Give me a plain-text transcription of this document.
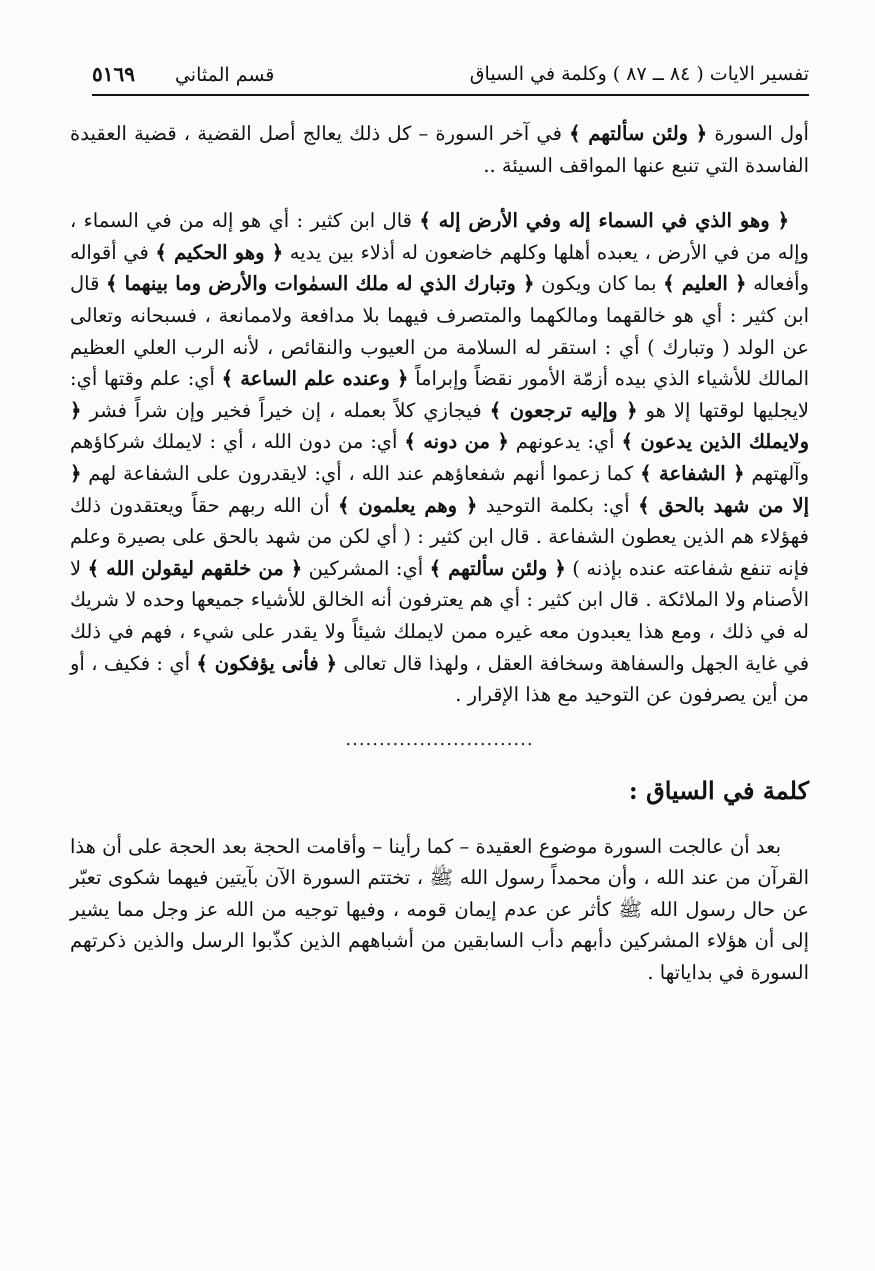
٥١٦٩ قسم المثاني	تفسير الايات ( ٨٤ ــ ٨٧ ) وكلمة في السياق

أول السورة ﴿ ولئن سألتهم ﴾ في آخر السورة – كل ذلك يعالج أصل القضية ، قضية العقيدة الفاسدة التي تنبع عنها المواقف السيئة ..

﴿ وهو الذي في السماء إله وفي الأرض إله ﴾ قال ابن كثير : أي هو إله من في السماء ، وإله من في الأرض ، يعبده أهلها وكلهم خاضعون له أذلاء بين يديه ﴿ وهو الحكيم ﴾ في أقواله وأفعاله ﴿ العليم ﴾ بما كان ويكون ﴿ وتبارك الذي له ملك السمٰوات والأرض وما بينهما ﴾ قال ابن كثير : أي هو خالقهما ومالكهما والمتصرف فيهما بلا مدافعة ولاممانعة ، فسبحانه وتعالى عن الولد ( وتبارك ) أي : استقر له السلامة من العيوب والنقائص ، لأنه الرب العلي العظيم المالك للأشياء الذي بيده أزمّة الأمور نقضاً وإبراماً ﴿ وعنده علم الساعة ﴾ أي: علم وقتها أي: لايجليها لوقتها إلا هو ﴿ وإليه ترجعون ﴾ فيجازي كلاً بعمله ، إن خيراً فخير وإن شراً فشر ﴿ ولايملك الذين يدعون ﴾ أي: يدعونهم ﴿ من دونه ﴾ أي: من دون الله ، أي : لايملك شركاؤهم وآلهتهم ﴿ الشفاعة ﴾ كما زعموا أنهم شفعاؤهم عند الله ، أي: لايقدرون على الشفاعة لهم ﴿ إلا من شهد بالحق ﴾ أي: بكلمة التوحيد ﴿ وهم يعلمون ﴾ أن الله ربهم حقاً ويعتقدون ذلك فهؤلاء هم الذين يعطون الشفاعة . قال ابن كثير : ( أي لكن من شهد بالحق على بصيرة وعلم فإنه تنفع شفاعته عنده بإذنه ) ﴿ ولئن سألتهم ﴾ أي: المشركين ﴿ من خلقهم ليقولن الله ﴾ لا الأصنام ولا الملائكة . قال ابن كثير : أي هم يعترفون أنه الخالق للأشياء جميعها وحده لا شريك له في ذلك ، ومع هذا يعبدون معه غيره ممن لايملك شيئاً ولا يقدر على شيء ، فهم في ذلك في غاية الجهل والسفاهة وسخافة العقل ، ولهذا قال تعالى ﴿ فأنى يؤفكون ﴾ أي : فكيف ، أو من أين يصرفون عن التوحيد مع هذا الإقرار .

............................
كلمة في السياق :

بعد أن عالجت السورة موضوع العقيدة – كما رأينا – وأقامت الحجة بعد الحجة على أن هذا القرآن من عند الله ، وأن محمداً رسول الله ﷺ ، تختتم السورة الآن بآيتين فيهما شكوى تعبّر عن حال رسول الله ﷺ كأثر عن عدم إيمان قومه ، وفيها توجيه من الله عز وجل مما يشير إلى أن هؤلاء المشركين دأبهم دأب السابقين من أشباههم الذين كذّبوا الرسل والذين ذكرتهم السورة في بداياتها .
